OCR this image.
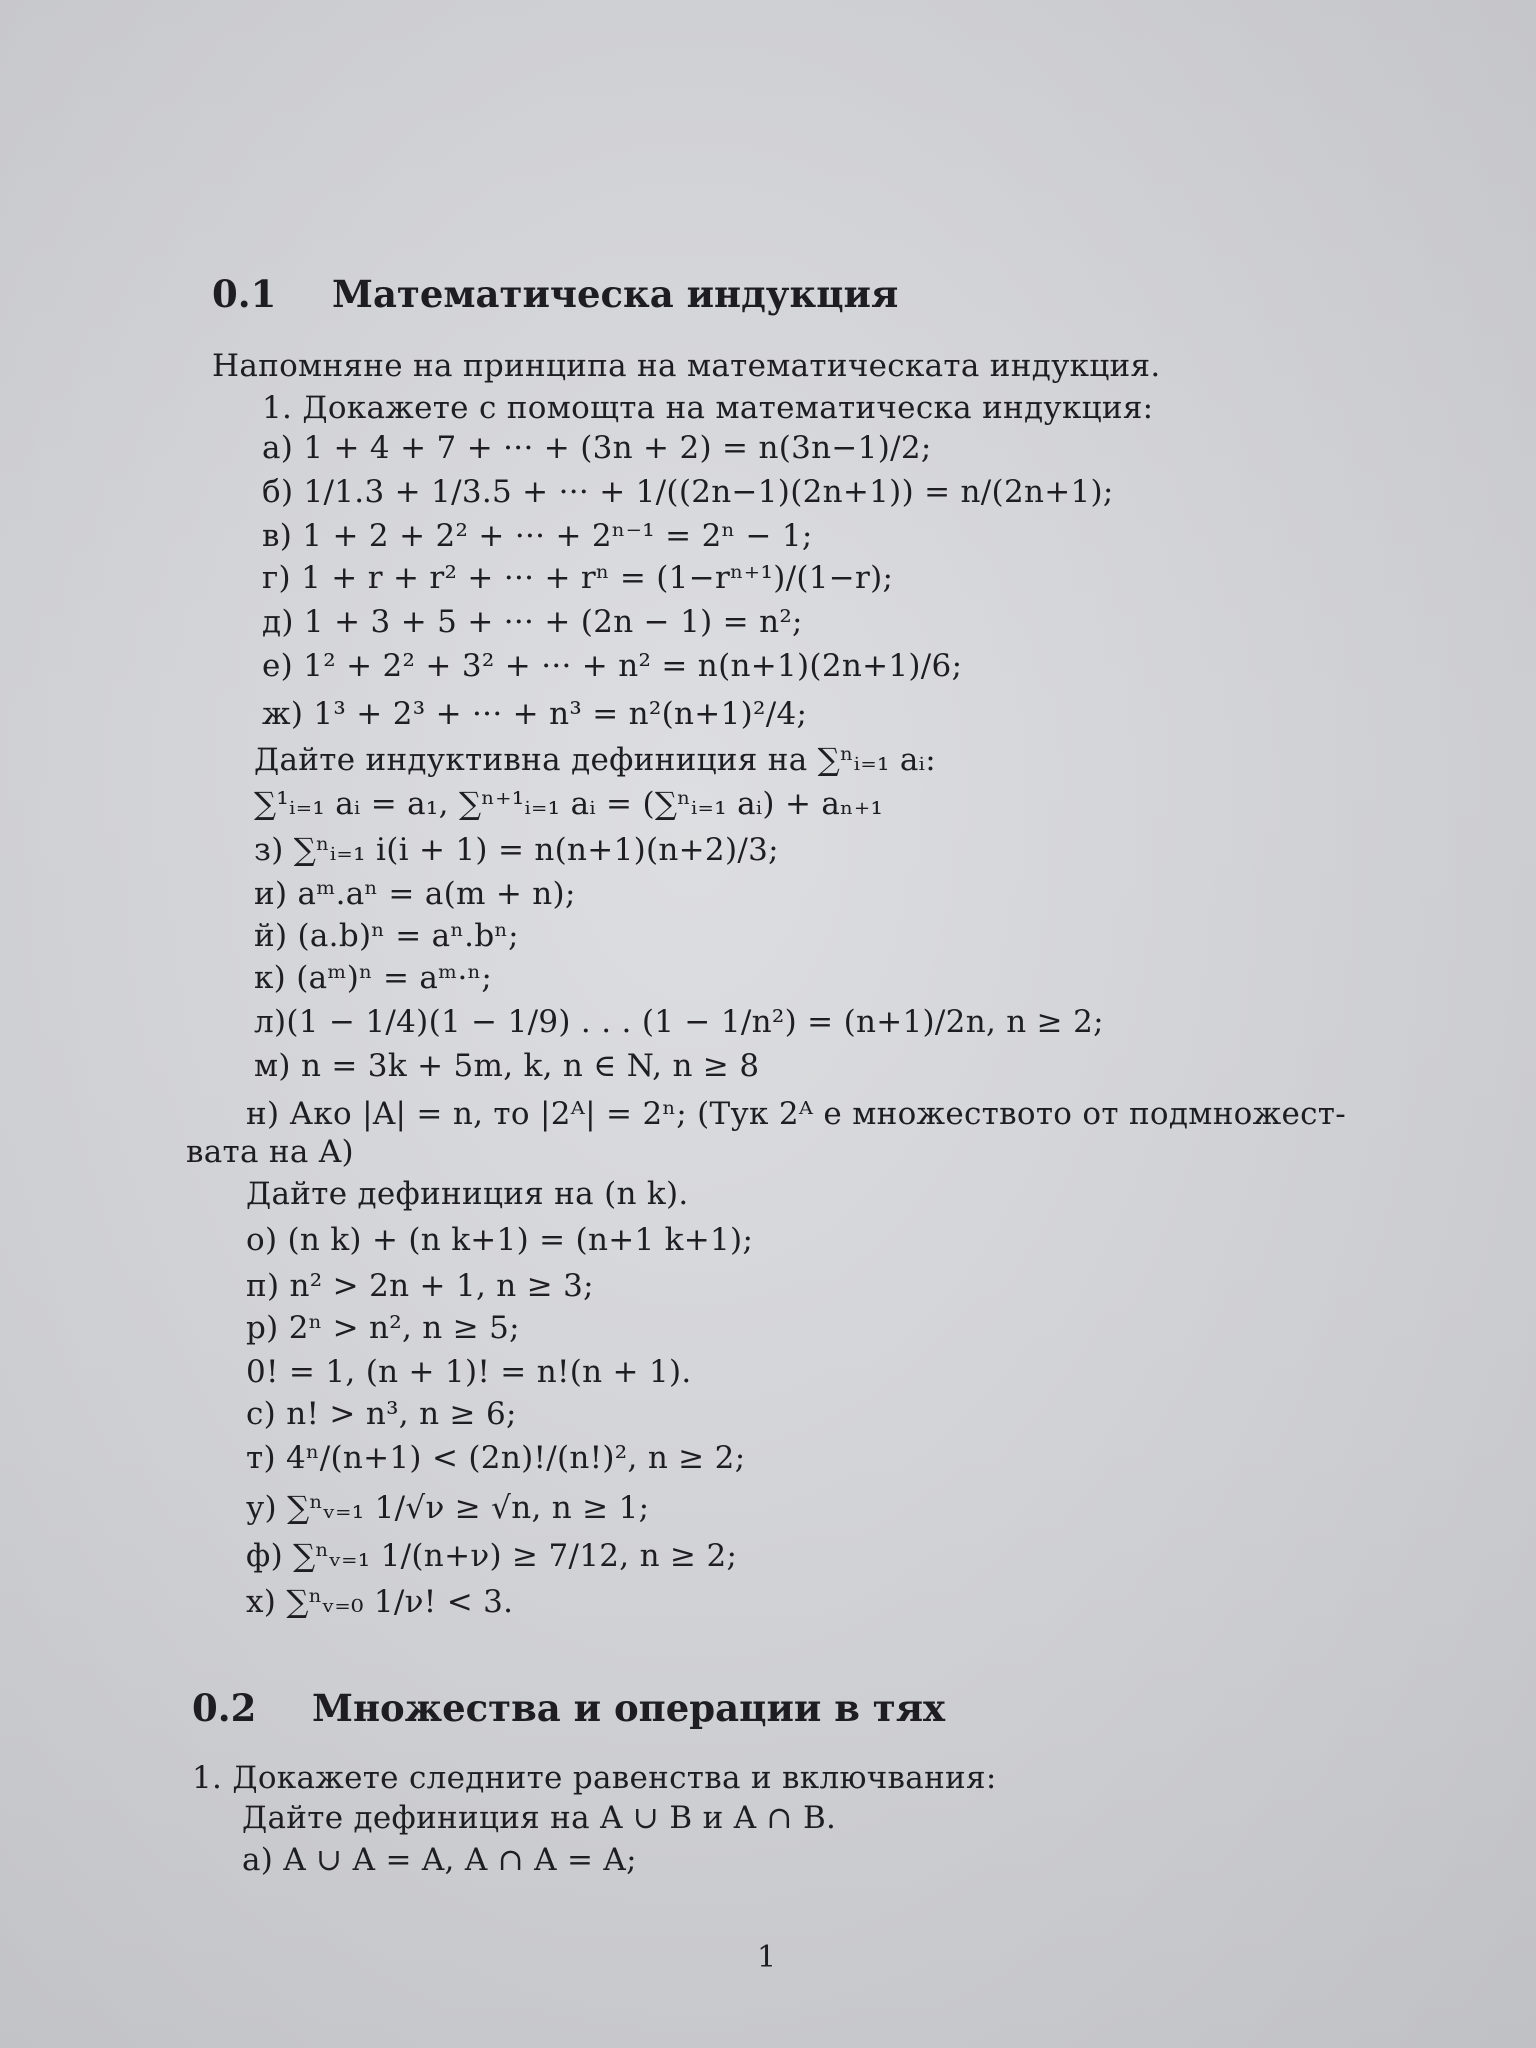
0.1 Математическа индукция
Напомняне на принципа на математическата индукция.
1. Докажете с помощта на математическа индукция:
а) 1 + 4 + 7 + ··· + (3n + 2) = n(3n−1)/2;
б) 1/1.3 + 1/3.5 + ··· + 1/((2n−1)(2n+1)) = n/(2n+1);
в) 1 + 2 + 2² + ··· + 2ⁿ⁻¹ = 2ⁿ − 1;
г) 1 + r + r² + ··· + rⁿ = (1−rⁿ⁺¹)/(1−r);
д) 1 + 3 + 5 + ··· + (2n − 1) = n²;
е) 1² + 2² + 3² + ··· + n² = n(n+1)(2n+1)/6;
ж) 1³ + 2³ + ··· + n³ = n²(n+1)²/4;
Дайте индуктивна дефиниция на ∑ⁿᵢ₌₁ aᵢ:
∑¹ᵢ₌₁ aᵢ = a₁, ∑ⁿ⁺¹ᵢ₌₁ aᵢ = (∑ⁿᵢ₌₁ aᵢ) + aₙ₊₁
з) ∑ⁿᵢ₌₁ i(i + 1) = n(n+1)(n+2)/3;
и) aᵐ.aⁿ = a(m + n);
й) (a.b)ⁿ = aⁿ.bⁿ;
к) (aᵐ)ⁿ = aᵐ·ⁿ;
л)(1 − 1/4)(1 − 1/9) . . . (1 − 1/n²) = (n+1)/2n, n ≥ 2;
м) n = 3k + 5m, k, n ∈ N, n ≥ 8
н) Ако |A| = n, то |2ᴬ| = 2ⁿ; (Тук 2ᴬ е множеството от подмножест-
вата на A)
Дайте дефиниция на (n k).
о) (n k) + (n k+1) = (n+1 k+1);
п) n² > 2n + 1, n ≥ 3;
р) 2ⁿ > n², n ≥ 5;
0! = 1, (n + 1)! = n!(n + 1).
с) n! > n³, n ≥ 6;
т) 4ⁿ/(n+1) < (2n)!/(n!)², n ≥ 2;
у) ∑ⁿᵥ₌₁ 1/√ν ≥ √n, n ≥ 1;
ф) ∑ⁿᵥ₌₁ 1/(n+ν) ≥ 7/12, n ≥ 2;
х) ∑ⁿᵥ₌₀ 1/ν! < 3.
0.2 Множества и операции в тях
1. Докажете следните равенства и включвания:
Дайте дефиниция на A ∪ B и A ∩ B.
а) A ∪ A = A, A ∩ A = A;
1
